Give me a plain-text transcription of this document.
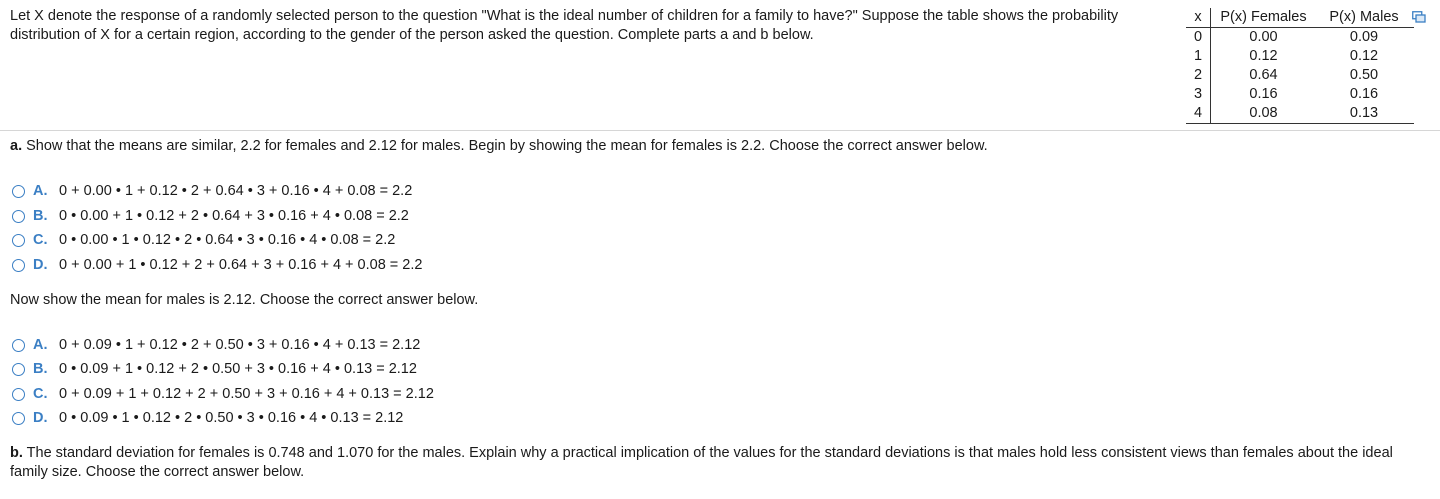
Let X denote the response of a randomly selected person to the question "What is the ideal number of children for a family to have?" Suppose the table shows the probability distribution of X for a certain region, according to the gender of the person asked the question. Complete parts a and b below.
x	P(x) Females	P(x) Males
0	0.00	0.09
1	0.12	0.12
2	0.64	0.50
3	0.16	0.16
4	0.08	0.13
a. Show that the means are similar, 2.2 for females and 2.12 for males. Begin by showing the mean for females is 2.2. Choose the correct answer below.
A. 0 + 0.00 • 1 + 0.12 • 2 + 0.64 • 3 + 0.16 • 4 + 0.08 = 2.2
B. 0 • 0.00 + 1 • 0.12 + 2 • 0.64 + 3 • 0.16 + 4 • 0.08 = 2.2
C. 0 • 0.00 • 1 • 0.12 • 2 • 0.64 • 3 • 0.16 • 4 • 0.08 = 2.2
D. 0 + 0.00 + 1 • 0.12 + 2 + 0.64 + 3 + 0.16 + 4 + 0.08 = 2.2
Now show the mean for males is 2.12. Choose the correct answer below.
A. 0 + 0.09 • 1 + 0.12 • 2 + 0.50 • 3 + 0.16 • 4 + 0.13 = 2.12
B. 0 • 0.09 + 1 • 0.12 + 2 • 0.50 + 3 • 0.16 + 4 • 0.13 = 2.12
C. 0 + 0.09 + 1 + 0.12 + 2 + 0.50 + 3 + 0.16 + 4 + 0.13 = 2.12
D. 0 • 0.09 • 1 • 0.12 • 2 • 0.50 • 3 • 0.16 • 4 • 0.13 = 2.12
b. The standard deviation for females is 0.748 and 1.070 for the males. Explain why a practical implication of the values for the standard deviations is that males hold less consistent views than females about the ideal family size. Choose the correct answer below.
